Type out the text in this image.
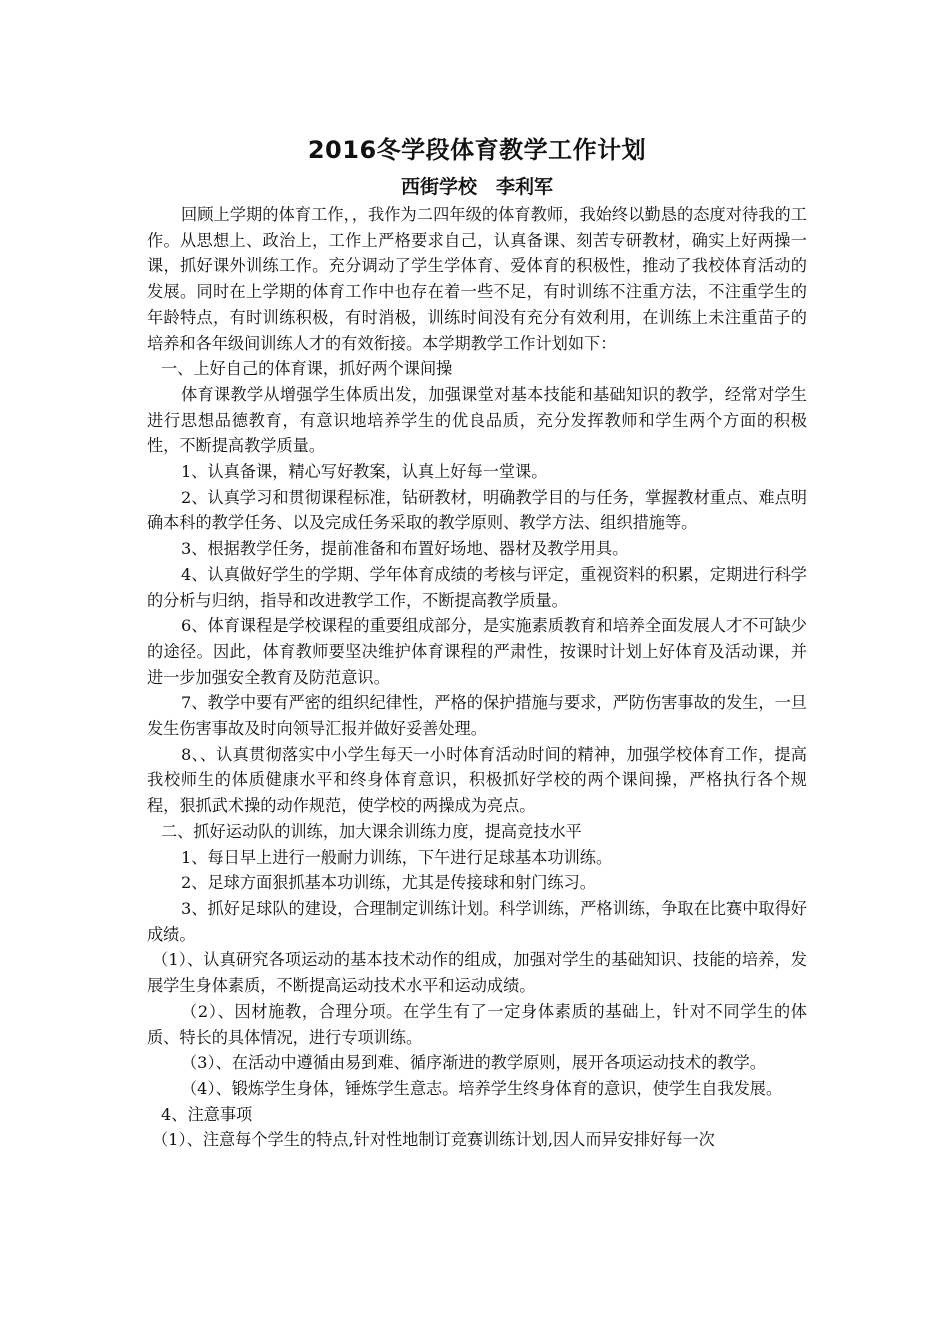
2016冬学段体育教学工作计划

西街学校　李利军

回顾上学期的体育工作，，我作为二四年级的体育教师，我始终以勤恳的态度对待我的工作。从思想上、政治上，工作上严格要求自己，认真备课、刻苦专研教材，确实上好两操一课，抓好课外训练工作。充分调动了学生学体育、爱体育的积极性，推动了我校体育活动的发展。同时在上学期的体育工作中也存在着一些不足，有时训练不注重方法，不注重学生的年龄特点，有时训练积极，有时消极，训练时间没有充分有效利用，在训练上未注重苗子的培养和各年级间训练人才的有效衔接。本学期教学工作计划如下：

一、上好自己的体育课，抓好两个课间操

体育课教学从增强学生体质出发，加强课堂对基本技能和基础知识的教学，经常对学生进行思想品德教育，有意识地培养学生的优良品质，充分发挥教师和学生两个方面的积极性，不断提高教学质量。

1、认真备课，精心写好教案，认真上好每一堂课。

2、认真学习和贯彻课程标准，钻研教材，明确教学目的与任务，掌握教材重点、难点明确本科的教学任务、以及完成任务采取的教学原则、教学方法、组织措施等。

3、根据教学任务，提前准备和布置好场地、器材及教学用具。

4、认真做好学生的学期、学年体育成绩的考核与评定，重视资料的积累，定期进行科学的分析与归纳，指导和改进教学工作，不断提高教学质量。

6、体育课程是学校课程的重要组成部分，是实施素质教育和培养全面发展人才不可缺少的途径。因此，体育教师要坚决维护体育课程的严肃性，按课时计划上好体育及活动课，并进一步加强安全教育及防范意识。

7、教学中要有严密的组织纪律性，严格的保护措施与要求，严防伤害事故的发生，一旦发生伤害事故及时向领导汇报并做好妥善处理。

8、、认真贯彻落实中小学生每天一小时体育活动时间的精神，加强学校体育工作，提高我校师生的体质健康水平和终身体育意识，积极抓好学校的两个课间操，严格执行各个规程，狠抓武术操的动作规范，使学校的两操成为亮点。

二、抓好运动队的训练，加大课余训练力度，提高竞技水平

1、每日早上进行一般耐力训练，下午进行足球基本功训练。

2、足球方面狠抓基本功训练，尤其是传接球和射门练习。

3、抓好足球队的建设，合理制定训练计划。科学训练，严格训练，争取在比赛中取得好成绩。

（1）、认真研究各项运动的基本技术动作的组成，加强对学生的基础知识、技能的培养，发展学生身体素质，不断提高运动技术水平和运动成绩。

（2）、因材施教，合理分项。在学生有了一定身体素质的基础上，针对不同学生的体质、特长的具体情况，进行专项训练。

（3）、在活动中遵循由易到难、循序渐进的教学原则，展开各项运动技术的教学。

（4）、锻炼学生身体，锤炼学生意志。培养学生终身体育的意识，使学生自我发展。

4、注意事项

（1）、注意每个学生的特点,针对性地制订竞赛训练计划,因人而异安排好每一次
